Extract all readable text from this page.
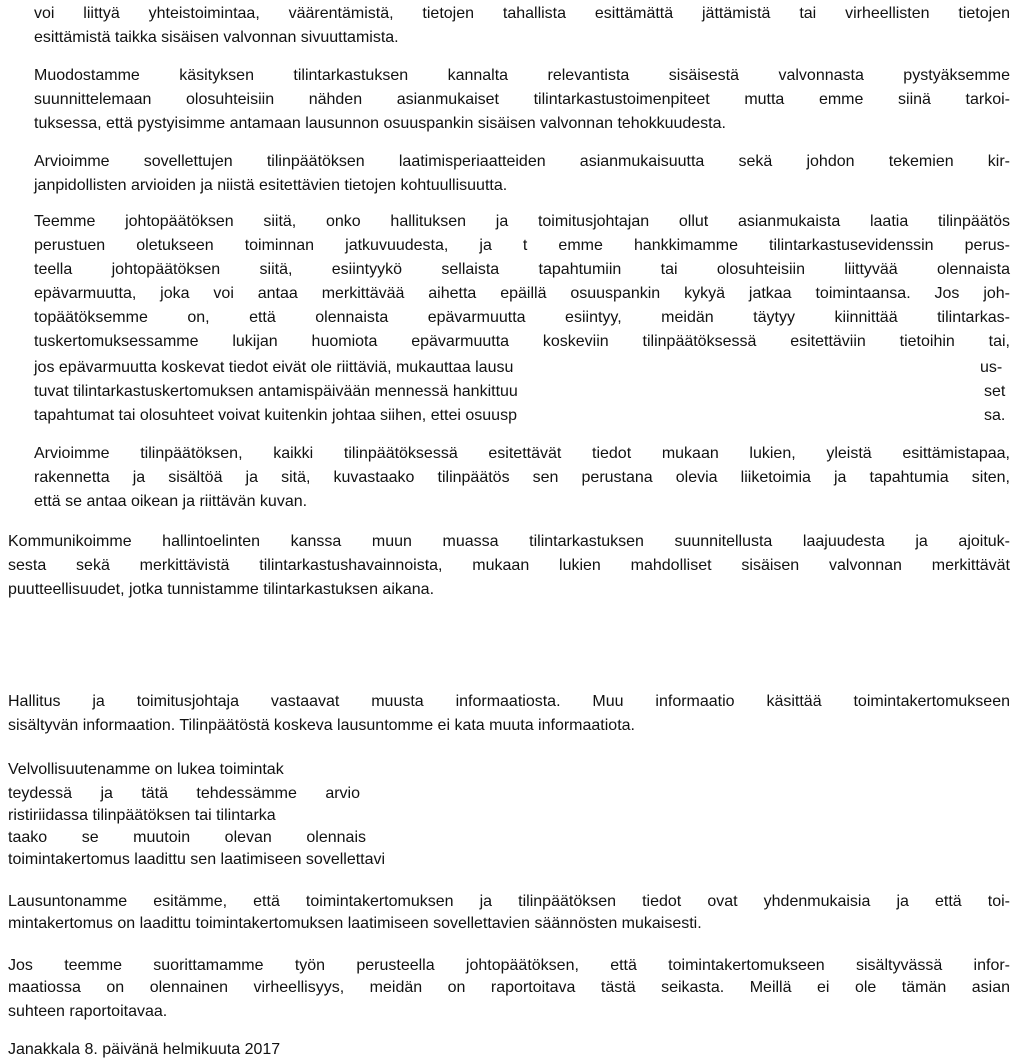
voi liittyä yhteistoimintaa, väärentämistä, tietojen tahallista esittämättä jättämistä tai virheellisten tietojen
esittämistä taikka sisäisen valvonnan sivuuttamista.
Muodostamme käsityksen tilintarkastuksen kannalta relevantista sisäisestä valvonnasta pystyäksemme
suunnittelemaan olosuhteisiin nähden asianmukaiset tilintarkastustoimenpiteet mutta emme siinä tarkoi-
tuksessa, että pystyisimme antamaan lausunnon osuuspankin sisäisen valvonnan tehokkuudesta.
Arvioimme sovellettujen tilinpäätöksen laatimisperiaatteiden asianmukaisuutta sekä johdon tekemien kir-
janpidollisten arvioiden ja niistä esitettävien tietojen kohtuullisuutta.
Teemme johtopäätöksen siitä, onko hallituksen ja toimitusjohtajan ollut asianmukaista laatia tilinpäätös
perustuen oletukseen toiminnan jatkuvuudesta, ja t emme hankkimamme tilintarkastusevidenssin perus-
teella johtopäätöksen siitä, esiintyykö sellaista tapahtumiin tai olosuhteisiin liittyvää olennaista
epävarmuutta, joka voi antaa merkittävää aihetta epäillä osuuspankin kykyä jatkaa toimintaansa. Jos joh-
topäätöksemme on, että olennaista epävarmuutta esiintyy, meidän täytyy kiinnittää tilintarkas-
tuskertomuksessamme lukijan huomiota epävarmuutta koskeviin tilinpäätöksessä esitettäviin tietoihin tai,
jos epävarmuutta koskevat tiedot eivät ole riittäviä, mukauttaa lausu	us-
tuvat tilintarkastuskertomuksen antamispäivään mennessä hankittuu	set
tapahtumat tai olosuhteet voivat kuitenkin johtaa siihen, ettei osuusp	sa.
Arvioimme tilinpäätöksen, kaikki tilinpäätöksessä esitettävät tiedot mukaan lukien, yleistä esittämistapaa,
rakennetta ja sisältöä ja sitä, kuvastaako tilinpäätös sen perustana olevia liiketoimia ja tapahtumia siten,
että se antaa oikean ja riittävän kuvan.
Kommunikoimme hallintoelinten kanssa muun muassa tilintarkastuksen suunnitellusta laajuudesta ja ajoituk-
sesta sekä merkittävistä tilintarkastushavainnoista, mukaan lukien mahdolliset sisäisen valvonnan merkittävät
puutteellisuudet, jotka tunnistamme tilintarkastuksen aikana.
Hallitus ja toimitusjohtaja vastaavat muusta informaatiosta. Muu informaatio käsittää toimintakertomukseen
sisältyvän informaation. Tilinpäätöstä koskeva lausuntomme ei kata muuta informaatiota.
Velvollisuutenamme on lukea toimintak
teydessä ja tätä tehdessämme arvio
ristiriidassa tilinpäätöksen tai tilintarka
taako se muutoin olevan olennais
toimintakertomus laadittu sen laatimiseen sovellettavi
Lausuntonamme esitämme, että toimintakertomuksen ja tilinpäätöksen tiedot ovat yhdenmukaisia ja että toi-
mintakertomus on laadittu toimintakertomuksen laatimiseen sovellettavien säännösten mukaisesti.
Jos teemme suorittamamme työn perusteella johtopäätöksen, että toimintakertomukseen sisältyvässä infor-
maatiossa on olennainen virheellisyys, meidän on raportoitava tästä seikasta. Meillä ei ole tämän asian
suhteen raportoitavaa.
Janakkala 8. päivänä helmikuuta 2017
